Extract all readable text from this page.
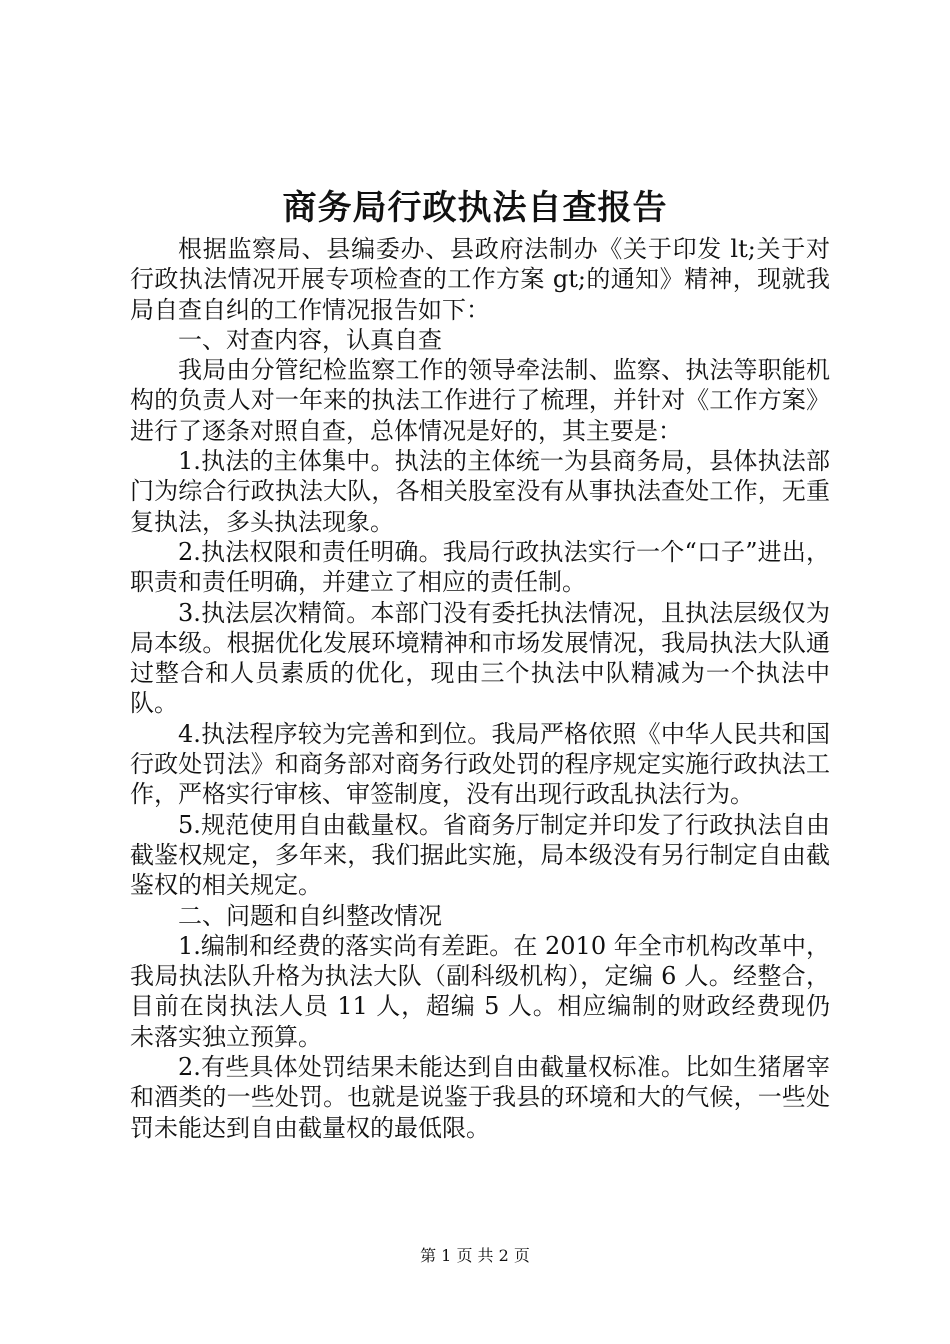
商务局行政执法自查报告

根据监察局、县编委办、县政府法制办《关于印发 lt;关于对行政执法情况开展专项检查的工作方案 gt;的通知》精神，现就我局自查自纠的工作情况报告如下：

一、对查内容，认真自查

我局由分管纪检监察工作的领导牵法制、监察、执法等职能机构的负责人对一年来的执法工作进行了梳理，并针对《工作方案》进行了逐条对照自查，总体情况是好的，其主要是：

1.执法的主体集中。执法的主体统一为县商务局，县体执法部门为综合行政执法大队，各相关股室没有从事执法查处工作，无重复执法，多头执法现象。

2.执法权限和责任明确。我局行政执法实行一个“口子”进出，职责和责任明确，并建立了相应的责任制。

3.执法层次精简。本部门没有委托执法情况，且执法层级仅为局本级。根据优化发展环境精神和市场发展情况，我局执法大队通过整合和人员素质的优化，现由三个执法中队精减为一个执法中队。

4.执法程序较为完善和到位。我局严格依照《中华人民共和国行政处罚法》和商务部对商务行政处罚的程序规定实施行政执法工作，严格实行审核、审签制度，没有出现行政乱执法行为。

5.规范使用自由截量权。省商务厅制定并印发了行政执法自由截鉴权规定，多年来，我们据此实施，局本级没有另行制定自由截鉴权的相关规定。

二、问题和自纠整改情况

1.编制和经费的落实尚有差距。在 2010 年全市机构改革中，我局执法队升格为执法大队（副科级机构），定编 6 人。经整合，目前在岗执法人员 11 人，超编 5 人。相应编制的财政经费现仍未落实独立预算。

2.有些具体处罚结果未能达到自由截量权标准。比如生猪屠宰和酒类的一些处罚。也就是说鉴于我县的环境和大的气候，一些处罚未能达到自由截量权的最低限。

第 1 页 共 2 页
